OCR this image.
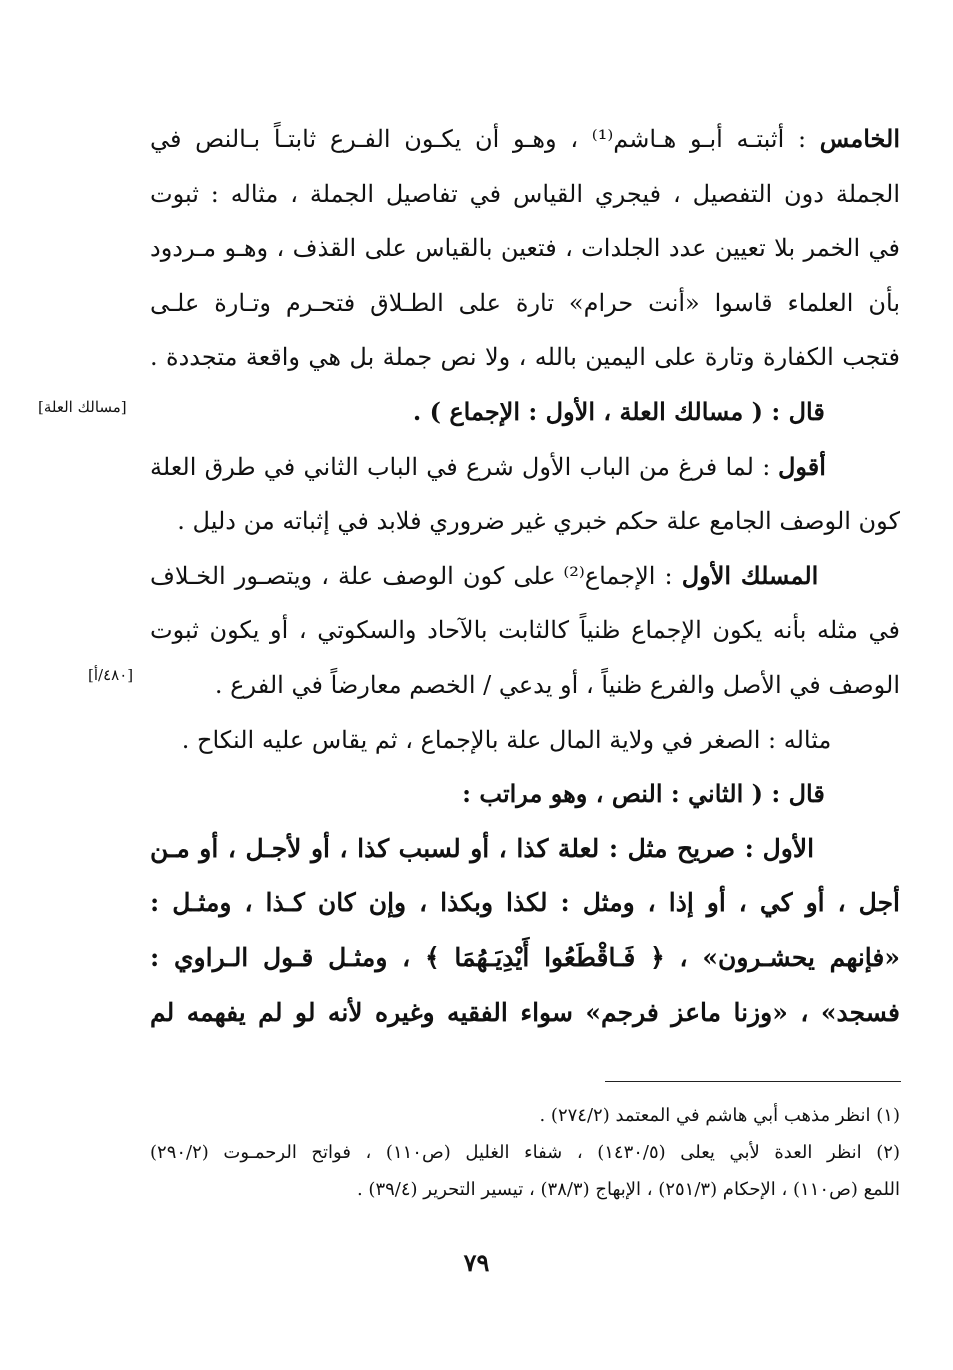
الخامس : أثبتـه أبـو هـاشم⁽¹⁾ ، وهـو أن يكـون الفـرع ثابتـاً بـالنص في
الجملة دون التفصيل ، فيجري القياس في تفاصيل الجملة ، مثاله : ثبوت
في الخمر بلا تعيين عدد الجلدات ، فتعين بالقياس على القذف ، وهـو مـردود
بأن العلماء قاسوا «أنت حرام» تارة على الطـلاق فتحـرم وتـارة علـى
فتجب الكفارة وتارة على اليمين بالله ، ولا نص جملة بل هي واقعة متجددة .
قال : ( مسالك العلة ، الأول : الإجماع ) .
أقول : لما فرغ من الباب الأول شرع في الباب الثاني في طرق العلة
كون الوصف الجامع علة حكم خبري غير ضروري فلابد في إثباته من دليل .
المسلك الأول : الإجماع⁽²⁾ على كون الوصف علة ، ويتصـور الخـلاف
في مثله بأنه يكون الإجماع ظنياً كالثابت بالآحاد والسكوتي ، أو يكون ثبوت
الوصف في الأصل والفرع ظنياً ، أو يدعي / الخصم معارضاً في الفرع .
مثاله : الصغر في ولاية المال علة بالإجماع ، ثم يقاس عليه النكاح .
قال : ( الثاني : النص ، وهو مراتب :
الأول : صريح مثل : لعلة كذا ، أو لسبب كذا ، أو لأجـل ، أو مـن
أجل ، أو كي ، أو إذا ، ومثل : لكذا وبكذا ، وإن كان كـذا ، ومثـل :
«فإنهم يحشـرون» ، ﴿ فَـاقْطَعُوا أَيْدِيَـهُمَا ﴾ ، ومثـل قـول الـراوي :
فسجد» ، «وزنا ماعز فرجم» سواء الفقيه وغيره لأنه لو لم يفهمه لم
[مسالك العلة]
[٤٨٠/أ]
(١) انظر مذهب أبي هاشم في المعتمد (٢٧٤/٢) .
(٢) انظر العدة لأبي يعلى (١٤٣٠/٥) ، شفاء الغليل (ص١١٠) ، فواتح الرحمـوت (٢٩٠/٢)
اللمع (ص١١٠) ، الإحكام (٢٥١/٣) ، الإبهاج (٣٨/٣) ، تيسير التحرير (٣٩/٤) .
٧٩
